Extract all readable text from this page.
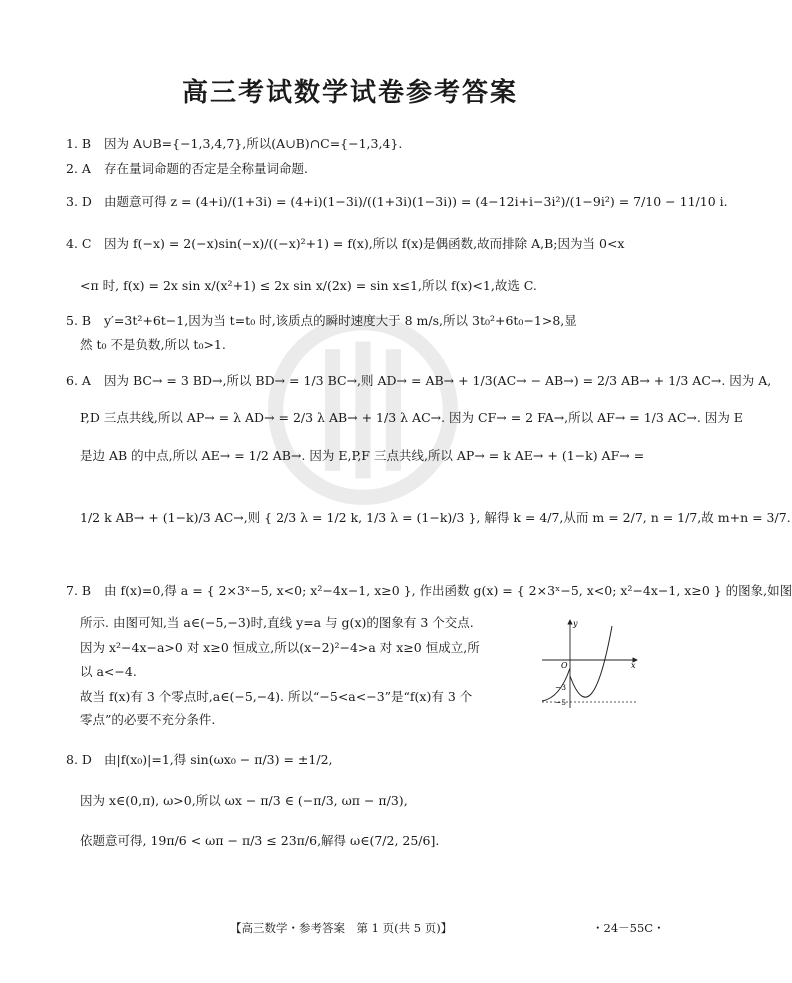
高三考试数学试卷参考答案
1. B 因为 A∪B={−1,3,4,7},所以(A∪B)∩C={−1,3,4}.
2. A 存在量词命题的否定是全称量词命题.
3. D 由题意可得 z = (4+i)/(1+3i) = (4+i)(1−3i)/((1+3i)(1−3i)) = (4−12i+i−3i²)/(1−9i²) = 7/10 − 11/10 i.
4. C 因为 f(−x) = 2(−x)sin(−x)/((−x)²+1) = f(x),所以 f(x)是偶函数,故而排除 A,B;因为当 0<x
<π 时, f(x) = 2x sin x/(x²+1) ≤ 2x sin x/(2x) = sin x≤1,所以 f(x)<1,故选 C.
5. B y′=3t²+6t−1,因为当 t=t₀ 时,该质点的瞬时速度大于 8 m/s,所以 3t₀²+6t₀−1>8,显
然 t₀ 不是负数,所以 t₀>1.
6. A 因为 BC→ = 3 BD→,所以 BD→ = 1/3 BC→,则 AD→ = AB→ + 1/3(AC→ − AB→) = 2/3 AB→ + 1/3 AC→. 因为 A,
P,D 三点共线,所以 AP→ = λ AD→ = 2/3 λ AB→ + 1/3 λ AC→. 因为 CF→ = 2 FA→,所以 AF→ = 1/3 AC→. 因为 E
是边 AB 的中点,所以 AE→ = 1/2 AB→. 因为 E,P,F 三点共线,所以 AP→ = k AE→ + (1−k) AF→ =
1/2 k AB→ + (1−k)/3 AC→,则 { 2/3 λ = 1/2 k, 1/3 λ = (1−k)/3 }, 解得 k = 4/7,从而 m = 2/7, n = 1/7,故 m+n = 3/7.
7. B 由 f(x)=0,得 a = { 2×3ˣ−5, x<0; x²−4x−1, x≥0 }, 作出函数 g(x) = { 2×3ˣ−5, x<0; x²−4x−1, x≥0 } 的图象,如图
所示. 由图可知,当 a∈(−5,−3)时,直线 y=a 与 g(x)的图象有 3 个交点.
因为 x²−4x−a>0 对 x≥0 恒成立,所以(x−2)²−4>a 对 x≥0 恒成立,所
以 a<−4.
故当 f(x)有 3 个零点时,a∈(−5,−4). 所以“−5<a<−3”是“f(x)有 3 个
零点”的必要不充分条件.
y
x
O
−3
−5
8. D 由|f(x₀)|=1,得 sin(ωx₀ − π/3) = ±1/2,
因为 x∈(0,π), ω>0,所以 ωx − π/3 ∈ (−π/3, ωπ − π/3),
依题意可得, 19π/6 < ωπ − π/3 ≤ 23π/6,解得 ω∈(7/2, 25/6].
【高三数学・参考答案　第 1 页(共 5 页)】	・24－55C・
